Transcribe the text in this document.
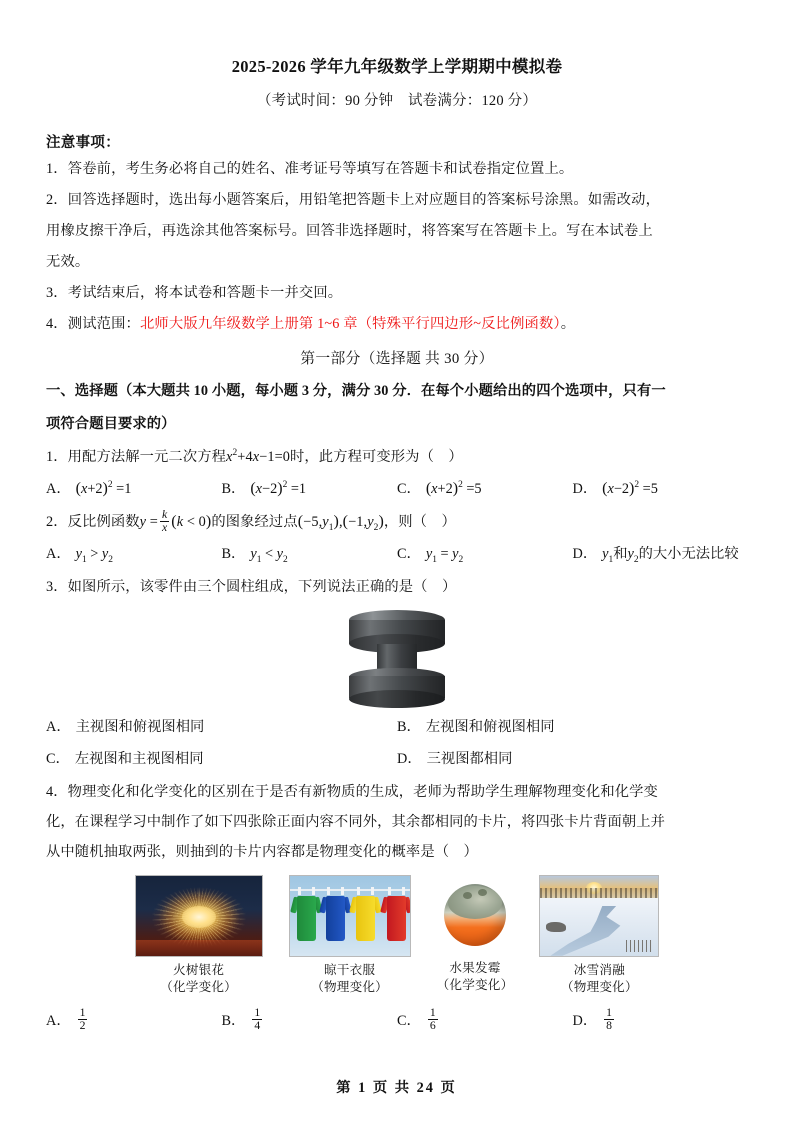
2025-2026 学年九年级数学上学期期中模拟卷
（考试时间：90 分钟　试卷满分：120 分）
注意事项：
1．答卷前，考生务必将自己的姓名、准考证号等填写在答题卡和试卷指定位置上。
2．回答选择题时，选出每小题答案后，用铅笔把答题卡上对应题目的答案标号涂黑。如需改动，
用橡皮擦干净后，再选涂其他答案标号。回答非选择题时，将答案写在答题卡上。写在本试卷上
无效。
3．考试结束后，将本试卷和答题卡一并交回。
4．测试范围：北师大版九年级数学上册第 1~6 章（特殊平行四边形~反比例函数）。
第一部分（选择题 共 30 分）
一、选择题（本大题共 10 小题，每小题 3 分，满分 30 分．在每个小题给出的四个选项中，只有一
项符合题目要求的）
1．用配方法解一元二次方程$x^2+4x-1=0$时，此方程可变形为（　）
A． $(x+2)^2 =1$	B． $(x-2)^2 =1$	C． $(x+2)^2 =5$	D． $(x-2)^2 =5$
2．反比例函数$y = \frac{k}{x} (k < 0)$的图象经过点$(-5,y_1),(-1,y_2)$，则（　）
A． $y_1 > y_2$	B． $y_1 < y_2$	C． $y_1 = y_2$	D． $y_1$和$y_2$的大小无法比较
3．如图所示，该零件由三个圆柱组成，下列说法正确的是（　）
A． 主视图和俯视图相同	B． 左视图和俯视图相同
C． 左视图和主视图相同	D． 三视图都相同
4．物理变化和化学变化的区别在于是否有新物质的生成，老师为帮助学生理解物理变化和化学变
化，在课程学习中制作了如下四张除正面内容不同外，其余都相同的卡片，将四张卡片背面朝上并
从中随机抽取两张，则抽到的卡片内容都是物理变化的概率是（　）
火树银花
（化学变化）
晾干衣服
（物理变化）
水果发霉
（化学变化）
冰雪消融
（物理变化）
A． $\frac{1}{2}$	B． $\frac{1}{4}$	C． $\frac{1}{6}$	D． $\frac{1}{8}$
第 1 页 共 24 页
